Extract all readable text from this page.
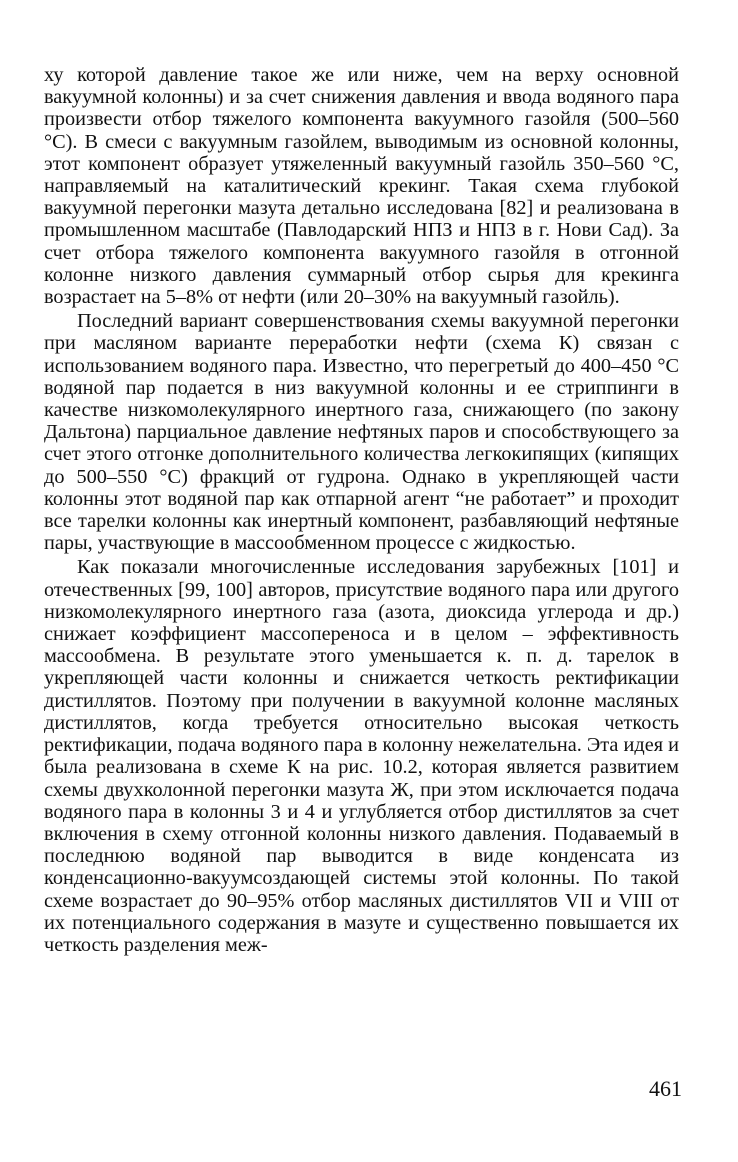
ху которой давление такое же или ниже, чем на верху основной вакуумной колонны) и за счет снижения давления и ввода водяного пара произвести отбор тяжелого компонента вакуумного газойля (500–560 °С). В смеси с вакуумным газойлем, выводимым из основной колонны, этот компонент образует утяжеленный вакуумный газойль 350–560 °С, направляемый на каталитический крекинг. Такая схема глубокой вакуумной перегонки мазута детально исследована [82] и реализована в промышленном масштабе (Павлодарский НПЗ и НПЗ в г. Нови Сад). За счет отбора тяжелого компонента вакуумного газойля в отгонной колонне низкого давления суммарный отбор сырья для крекинга возрастает на 5–8% от нефти (или 20–30% на вакуумный газойль).

Последний вариант совершенствования схемы вакуумной перегонки при масляном варианте переработки нефти (схема К) связан с использованием водяного пара. Известно, что перегретый до 400–450 °С водяной пар подается в низ вакуумной колонны и ее стриппинги в качестве низкомолекулярного инертного газа, снижающего (по закону Дальтона) парциальное давление нефтяных паров и способствующего за счет этого отгонке дополнительного количества легкокипящих (кипящих до 500–550 °С) фракций от гудрона. Однако в укрепляющей части колонны этот водяной пар как отпарной агент “не работает” и проходит все тарелки колонны как инертный компонент, разбавляющий нефтяные пары, участвующие в массообменном процессе с жидкостью.

Как показали многочисленные исследования зарубежных [101] и отечественных [99, 100] авторов, присутствие водяного пара или другого низкомолекулярного инертного газа (азота, диоксида углерода и др.) снижает коэффициент массопереноса и в целом – эффективность массообмена. В результате этого уменьшается к. п. д. тарелок в укрепляющей части колонны и снижается четкость ректификации дистиллятов. Поэтому при получении в вакуумной колонне масляных дистиллятов, когда требуется относительно высокая четкость ректификации, подача водяного пара в колонну нежелательна. Эта идея и была реализована в схеме К на рис. 10.2, которая является развитием схемы двухколонной перегонки мазута Ж, при этом исключается подача водяного пара в колонны 3 и 4 и углубляется отбор дистиллятов за счет включения в схему отгонной колонны низкого давления. Подаваемый в последнюю водяной пар выводится в виде конденсата из конденсационно-вакуумсоздающей системы этой колонны. По такой схеме возрастает до 90–95% отбор масляных дистиллятов VII и VIII от их потенциального содержания в мазуте и существенно повышается их четкость разделения меж-

461
